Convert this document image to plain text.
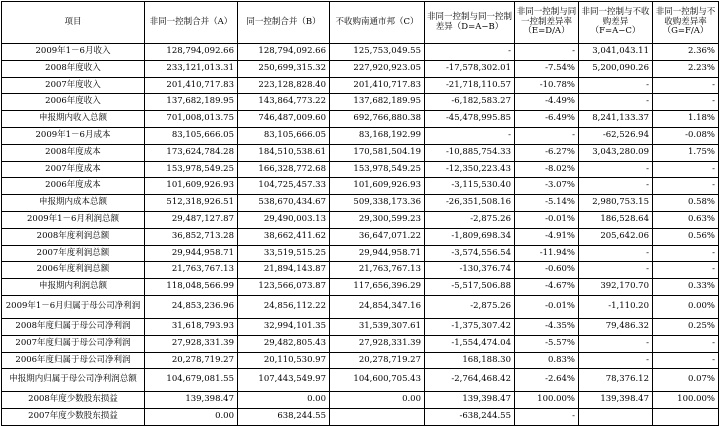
项目	非同一控制合并（A）	同一控制合并（B）	不收购南通市邦（C）	非同一控制与同一控制差异（D=A−B）	非同一控制与同一控制差异率（E=D/A）	非同一控制与不收购差异（F=A−C）	非同一控制与不收购差异率（G=F/A）
2009年1－6月收入	128,794,092.66	128,794,092.66	125,753,049.55	-	-	3,041,043.11	2.36%
2008年度收入	233,121,013.31	250,699,315.32	227,920,923.05	-17,578,302.01	-7.54%	5,200,090.26	2.23%
2007年度收入	201,410,717.83	223,128,828.40	201,410,717.83	-21,718,110.57	-10.78%	-	-
2006年度收入	137,682,189.95	143,864,773.22	137,682,189.95	-6,182,583.27	-4.49%	-	-
申报期内收入总额	701,008,013.75	746,487,009.60	692,766,880.38	-45,478,995.85	-6.49%	8,241,133.37	1.18%
2009年1－6月成本	83,105,666.05	83,105,666.05	83,168,192.99	-	-	-62,526.94	-0.08%
2008年度成本	173,624,784.28	184,510,538.61	170,581,504.19	-10,885,754.33	-6.27%	3,043,280.09	1.75%
2007年度成本	153,978,549.25	166,328,772.68	153,978,549.25	-12,350,223.43	-8.02%	-	-
2006年度成本	101,609,926.93	104,725,457.33	101,609,926.93	-3,115,530.40	-3.07%	-	-
申报期内成本总额	512,318,926.51	538,670,434.67	509,338,173.36	-26,351,508.16	-5.14%	2,980,753.15	0.58%
2009年1－6月利润总额	29,487,127.87	29,490,003.13	29,300,599.23	-2,875.26	-0.01%	186,528.64	0.63%
2008年度利润总额	36,852,713.28	38,662,411.62	36,647,071.22	-1,809,698.34	-4.91%	205,642.06	0.56%
2007年度利润总额	29,944,958.71	33,519,515.25	29,944,958.71	-3,574,556.54	-11.94%	-	-
2006年度利润总额	21,763,767.13	21,894,143.87	21,763,767.13	-130,376.74	-0.60%	-	-
申报期内利润总额	118,048,566.99	123,566,073.87	117,656,396.29	-5,517,506.88	-4.67%	392,170.70	0.33%
2009年1－6月归属于母公司净利润	24,853,236.96	24,856,112.22	24,854,347.16	-2,875.26	-0.01%	-1,110.20	0.00%
2008年度归属于母公司净利润	31,618,793.93	32,994,101.35	31,539,307.61	-1,375,307.42	-4.35%	79,486.32	0.25%
2007年度归属于母公司净利润	27,928,331.39	29,482,805.43	27,928,331.39	-1,554,474.04	-5.57%	-	-
2006年度归属于母公司净利润	20,278,719.27	20,110,530.97	20,278,719.27	168,188.30	0.83%	-	-
申报期内归属于母公司净利润总额	104,679,081.55	107,443,549.97	104,600,705.43	-2,764,468.42	-2.64%	78,376.12	0.07%
2008年度少数股东损益	139,398.47	0.00	0.00	139,398.47	100.00%	139,398.47	100.00%
2007年度少数股东损益	0.00	638,244.55		-638,244.55	-		
